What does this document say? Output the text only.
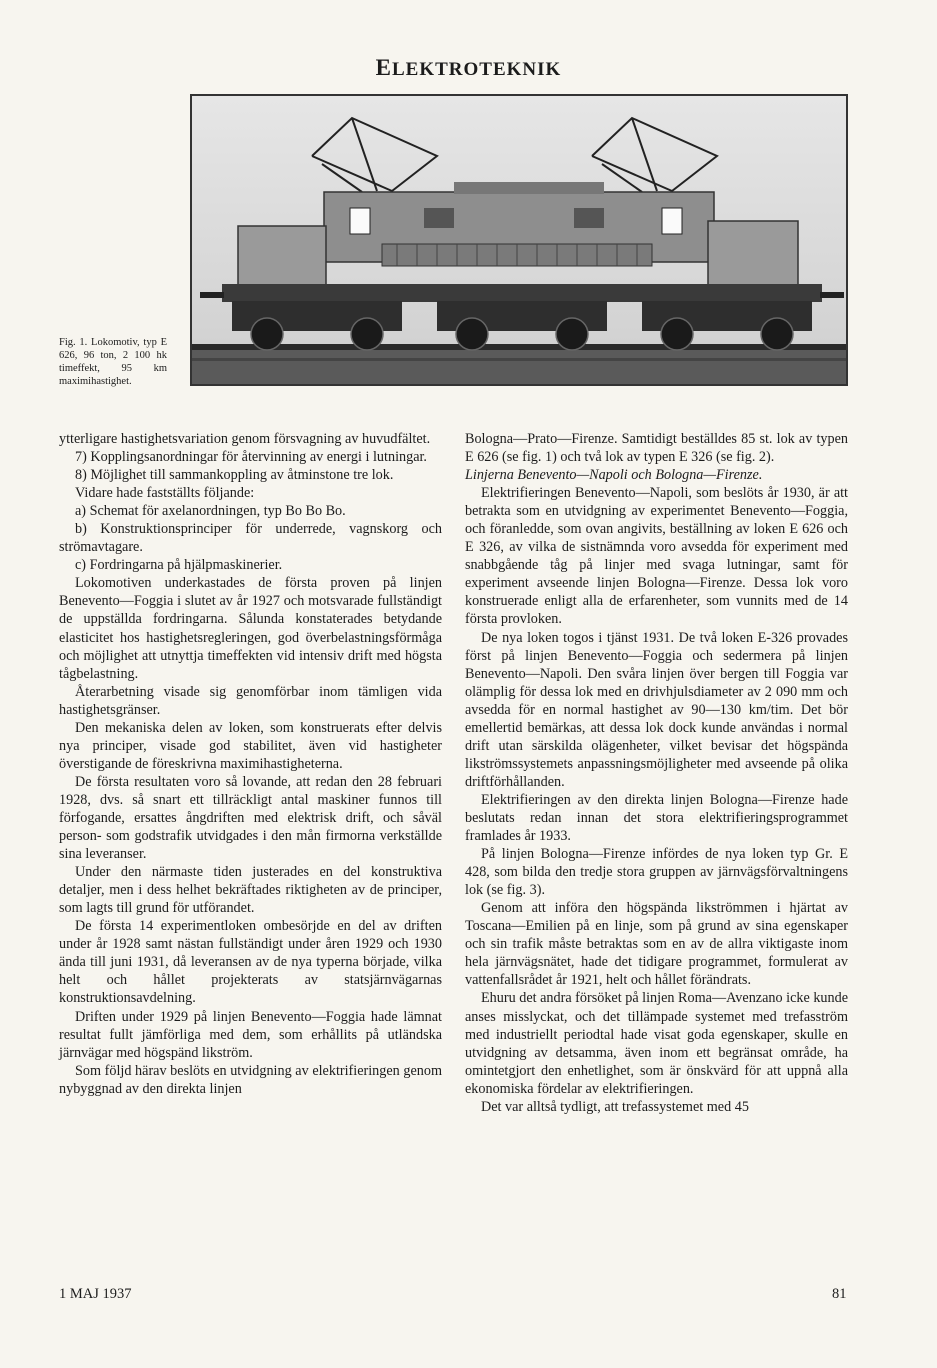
ELEKTROTEKNIK
Fig. 1. Lokomotiv, typ E 626, 96 ton, 2 100 hk timeffekt, 95 km maximihastighet.

ytterligare hastighetsvariation genom försvagning av huvudfältet.

7) Kopplingsanordningar för återvinning av energi i lutningar.

8) Möjlighet till sammankoppling av åtminstone tre lok.

Vidare hade fastställts följande:

a) Schemat för axelanordningen, typ Bo Bo Bo.

b) Konstruktionsprinciper för underrede, vagnskorg och strömavtagare.

c) Fordringarna på hjälpmaskinerier.

Lokomotiven underkastades de första proven på linjen Benevento—Foggia i slutet av år 1927 och motsvarade fullständigt de uppställda fordringarna. Sålunda konstaterades betydande elasticitet hos hastighetsregleringen, god överbelastningsförmåga och möjlighet att utnyttja timeffekten vid intensiv drift med högsta tågbelastning.

Återarbetning visade sig genomförbar inom tämligen vida hastighetsgränser.

Den mekaniska delen av loken, som konstruerats efter delvis nya principer, visade god stabilitet, även vid hastigheter överstigande de föreskrivna maximihastigheterna.

De första resultaten voro så lovande, att redan den 28 februari 1928, dvs. så snart ett tillräckligt antal maskiner funnos till förfogande, ersattes ångdriften med elektrisk drift, och såväl person- som godstrafik utvidgades i den mån firmorna verkställde sina leveranser.

Under den närmaste tiden justerades en del konstruktiva detaljer, men i dess helhet bekräftades riktigheten av de principer, som lagts till grund för utförandet.

De första 14 experimentloken ombesörjde en del av driften under år 1928 samt nästan fullständigt under åren 1929 och 1930 ända till juni 1931, då leveransen av de nya typerna började, vilka helt och hållet projekterats av statsjärnvägarnas konstruktionsavdelning.

Driften under 1929 på linjen Benevento—Foggia hade lämnat resultat fullt jämförliga med dem, som erhållits på utländska järnvägar med högspänd likström.

Som följd härav beslöts en utvidgning av elektrifieringen genom nybyggnad av den direkta linjen

Bologna—Prato—Firenze. Samtidigt beställdes 85 st. lok av typen E 626 (se fig. 1) och två lok av typen E 326 (se fig. 2).

Linjerna Benevento—Napoli och Bologna—Firenze.

Elektrifieringen Benevento—Napoli, som beslöts år 1930, är att betrakta som en utvidgning av experimentet Benevento—Foggia, och föranledde, som ovan angivits, beställning av loken E 626 och E 326, av vilka de sistnämnda voro avsedda för experiment med snabbgående tåg på linjer med svaga lutningar, samt för experiment avseende linjen Bologna—Firenze. Dessa lok voro konstruerade enligt alla de erfarenheter, som vunnits med de 14 första provloken.

De nya loken togos i tjänst 1931. De två loken E-326 provades först på linjen Benevento—Foggia och sedermera på linjen Benevento—Napoli. Den svåra linjen över bergen till Foggia var olämplig för dessa lok med en drivhjulsdiameter av 2 090 mm och avsedda för en normal hastighet av 90—130 km/tim. Det bör emellertid bemärkas, att dessa lok dock kunde användas i normal drift utan särskilda olägenheter, vilket bevisar det högspända likströmssystemets anpassningsmöjligheter med avseende på olika driftförhållanden.

Elektrifieringen av den direkta linjen Bologna—Firenze hade beslutats redan innan det stora elektrifieringsprogrammet framlades år 1933.

På linjen Bologna—Firenze infördes de nya loken typ Gr. E 428, som bilda den tredje stora gruppen av järnvägsförvaltningens lok (se fig. 3).

Genom att införa den högspända likströmmen i hjärtat av Toscana—Emilien på en linje, som på grund av sina egenskaper och sin trafik måste betraktas som en av de allra viktigaste inom hela järnvägsnätet, hade det tidigare programmet, formulerat av vattenfallsrådet år 1921, helt och hållet förändrats.

Ehuru det andra försöket på linjen Roma—Avenzano icke kunde anses misslyckat, och det tillämpade systemet med trefasström med industriellt periodtal hade visat goda egenskaper, skulle en utvidgning av detsamma, även inom ett begränsat område, ha omintetgjort den enhetlighet, som är önskvärd för att uppnå alla ekonomiska fördelar av elektrifieringen.

Det var alltså tydligt, att trefassystemet med 45

1 MAJ 1937	81
